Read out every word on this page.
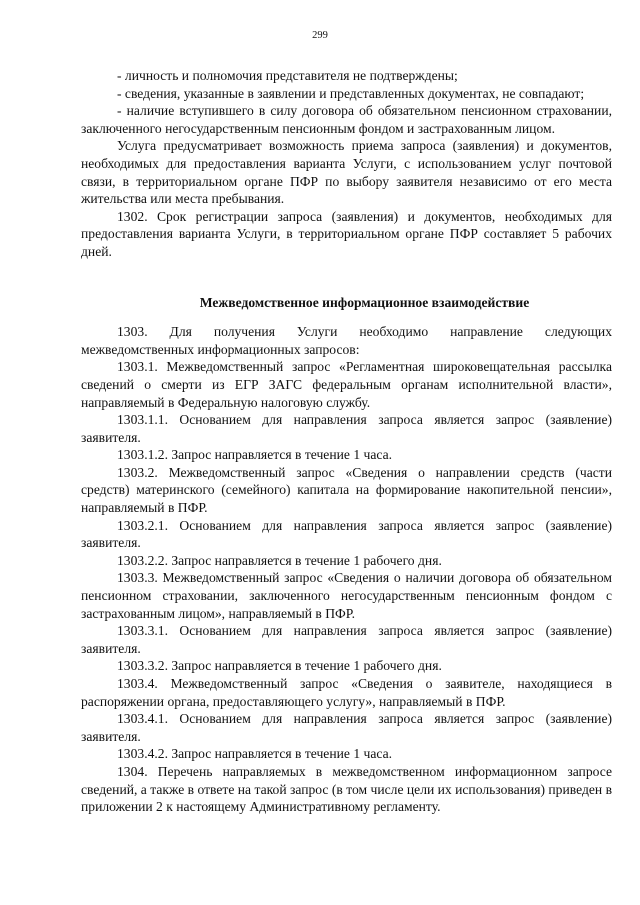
299

- личность и полномочия представителя не подтверждены;

- сведения, указанные в заявлении и представленных документах, не совпадают;

- наличие вступившего в силу договора об обязательном пенсионном страховании, заключенного негосударственным пенсионным фондом и застрахованным лицом.

Услуга предусматривает возможность приема запроса (заявления) и документов, необходимых для предоставления варианта Услуги, с использованием услуг почтовой связи, в территориальном органе ПФР по выбору заявителя независимо от его места жительства или места пребывания.

1302. Срок регистрации запроса (заявления) и документов, необходимых для предоставления варианта Услуги, в территориальном органе ПФР составляет 5 рабочих дней.

Межведомственное информационное взаимодействие

1303. Для получения Услуги необходимо направление следующих межведомственных информационных запросов:

1303.1. Межведомственный запрос «Регламентная широковещательная рассылка сведений о смерти из ЕГР ЗАГС федеральным органам исполнительной власти», направляемый в Федеральную налоговую службу.

1303.1.1. Основанием для направления запроса является запрос (заявление) заявителя.

1303.1.2. Запрос направляется в течение 1 часа.

1303.2. Межведомственный запрос «Сведения о направлении средств (части средств) материнского (семейного) капитала на формирование накопительной пенсии», направляемый в ПФР.

1303.2.1. Основанием для направления запроса является запрос (заявление) заявителя.

1303.2.2. Запрос направляется в течение 1 рабочего дня.

1303.3. Межведомственный запрос «Сведения о наличии договора об обязательном пенсионном страховании, заключенного негосударственным пенсионным фондом с застрахованным лицом», направляемый в ПФР.

1303.3.1. Основанием для направления запроса является запрос (заявление) заявителя.

1303.3.2. Запрос направляется в течение 1 рабочего дня.

1303.4. Межведомственный запрос «Сведения о заявителе, находящиеся в распоряжении органа, предоставляющего услугу», направляемый в ПФР.

1303.4.1. Основанием для направления запроса является запрос (заявление) заявителя.

1303.4.2. Запрос направляется в течение 1 часа.

1304. Перечень направляемых в межведомственном информационном запросе сведений, а также в ответе на такой запрос (в том числе цели их использования) приведен в приложении 2 к настоящему Административному регламенту.
